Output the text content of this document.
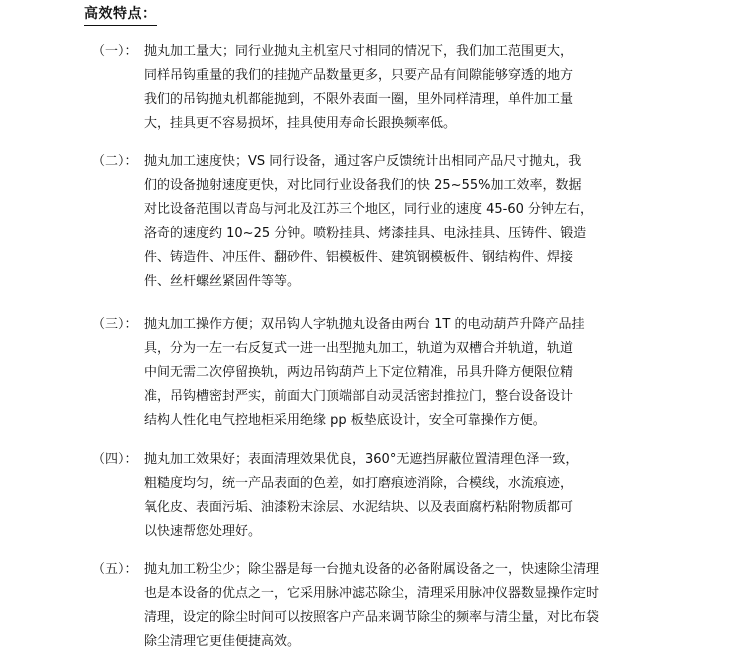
高效特点：
（一）： 抛丸加工量大；同行业抛丸主机室尺寸相同的情况下，我们加工范围更大，
同样吊钩重量的我们的挂抛产品数量更多，只要产品有间隙能够穿透的地方
我们的吊钩抛丸机都能抛到，不限外表面一圈，里外同样清理，单件加工量
大，挂具更不容易损坏，挂具使用寿命长跟换频率低。
（二）： 抛丸加工速度快；VS 同行设备，通过客户反馈统计出相同产品尺寸抛丸，我
们的设备抛射速度更快，对比同行业设备我们的快 25~55%加工效率，数据
对比设备范围以青岛与河北及江苏三个地区，同行业的速度 45-60 分钟左右，
洛奇的速度约 10~25 分钟。喷粉挂具、烤漆挂具、电泳挂具、压铸件、锻造
件、铸造件、冲压件、翻砂件、铝模板件、建筑钢模板件、钢结构件、焊接
件、丝杆螺丝紧固件等等。
（三）： 抛丸加工操作方便；双吊钩人字轨抛丸设备由两台 1T 的电动葫芦升降产品挂
具，分为一左一右反复式一进一出型抛丸加工，轨道为双槽合并轨道，轨道
中间无需二次停留换轨，两边吊钩葫芦上下定位精准，吊具升降方便限位精
准，吊钩槽密封严实，前面大门顶端部自动灵活密封推拉门，整台设备设计
结构人性化电气控地柜采用绝缘 pp 板垫底设计，安全可靠操作方便。
（四）： 抛丸加工效果好；表面清理效果优良，360°无遮挡屏蔽位置清理色泽一致，
粗糙度均匀，统一产品表面的色差，如打磨痕迹消除，合模线，水流痕迹，
氧化皮、表面污垢、油漆粉末涂层、水泥结块、以及表面腐朽粘附物质都可
以快速帮您处理好。
（五）： 抛丸加工粉尘少；除尘器是每一台抛丸设备的必备附属设备之一，快速除尘清理
也是本设备的优点之一，它采用脉冲滤芯除尘，清理采用脉冲仪器数显操作定时
清理，设定的除尘时间可以按照客户产品来调节除尘的频率与清尘量，对比布袋
除尘清理它更佳便捷高效。
